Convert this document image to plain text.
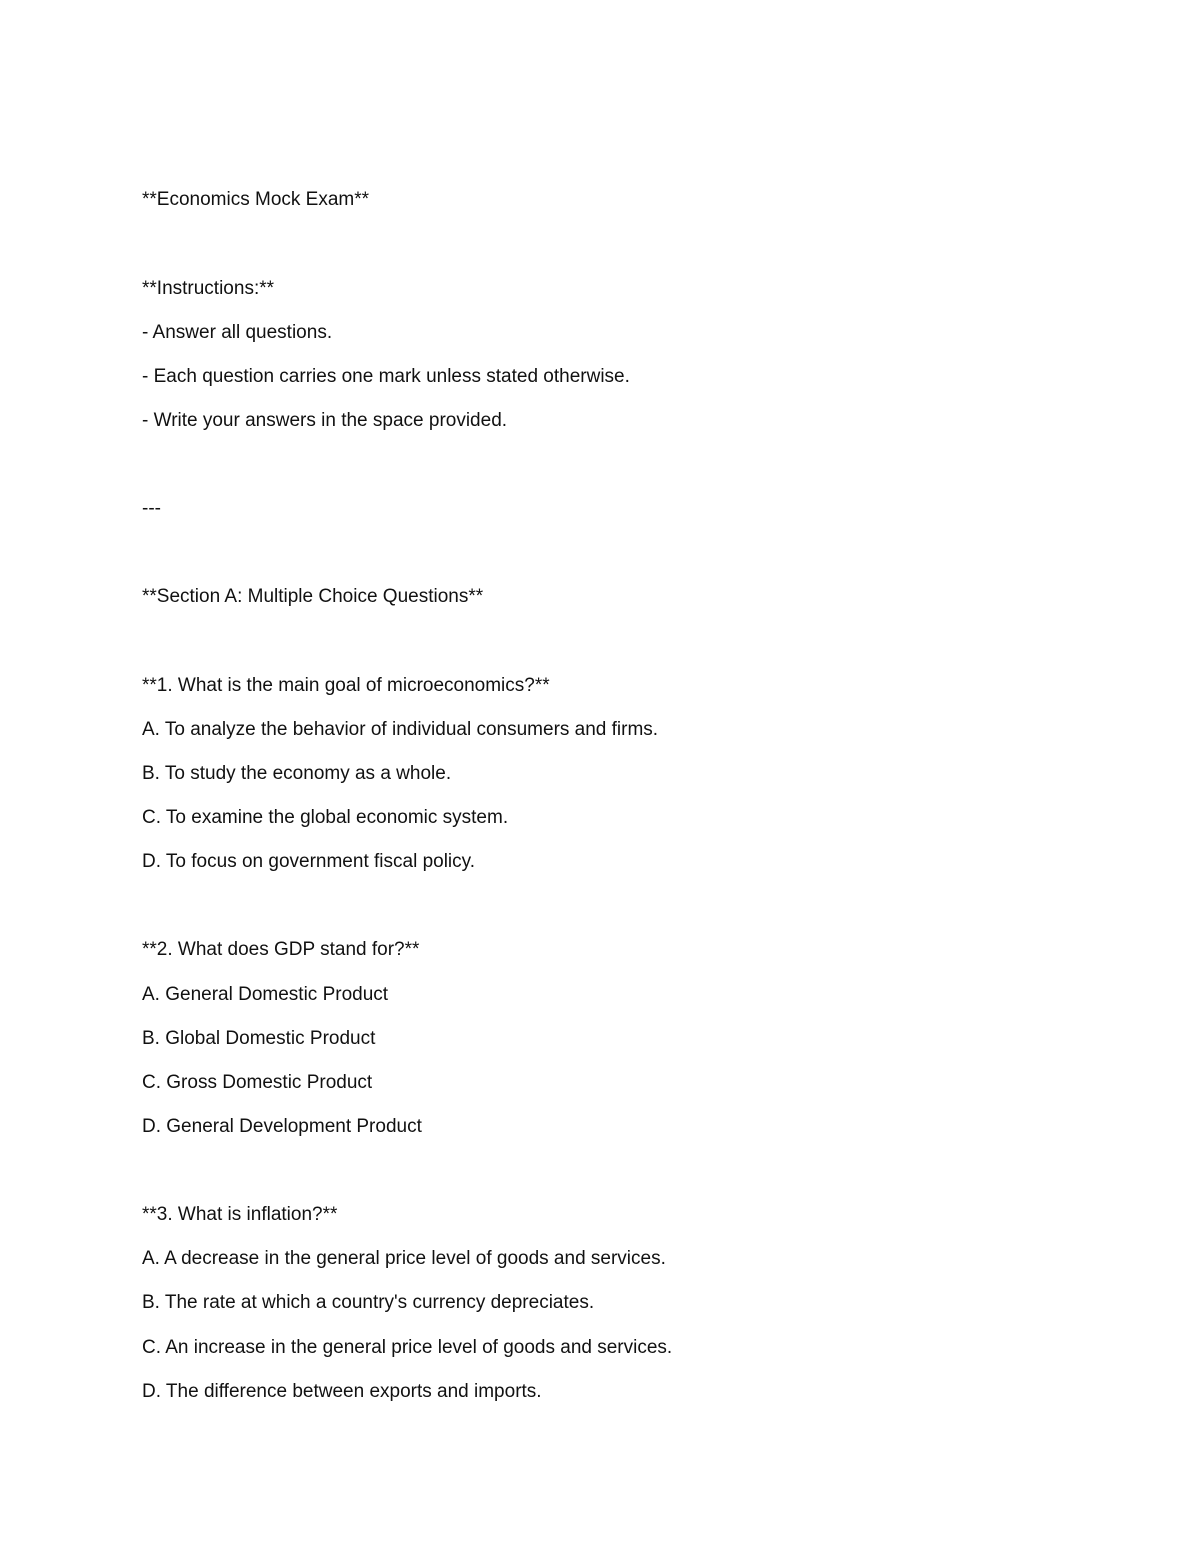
**Economics Mock Exam**
**Instructions:**
- Answer all questions.
- Each question carries one mark unless stated otherwise.
- Write your answers in the space provided.
---
**Section A: Multiple Choice Questions**
**1. What is the main goal of microeconomics?**
A. To analyze the behavior of individual consumers and firms.
B. To study the economy as a whole.
C. To examine the global economic system.
D. To focus on government fiscal policy.
**2. What does GDP stand for?**
A. General Domestic Product
B. Global Domestic Product
C. Gross Domestic Product
D. General Development Product
**3. What is inflation?**
A. A decrease in the general price level of goods and services.
B. The rate at which a country's currency depreciates.
C. An increase in the general price level of goods and services.
D. The difference between exports and imports.
